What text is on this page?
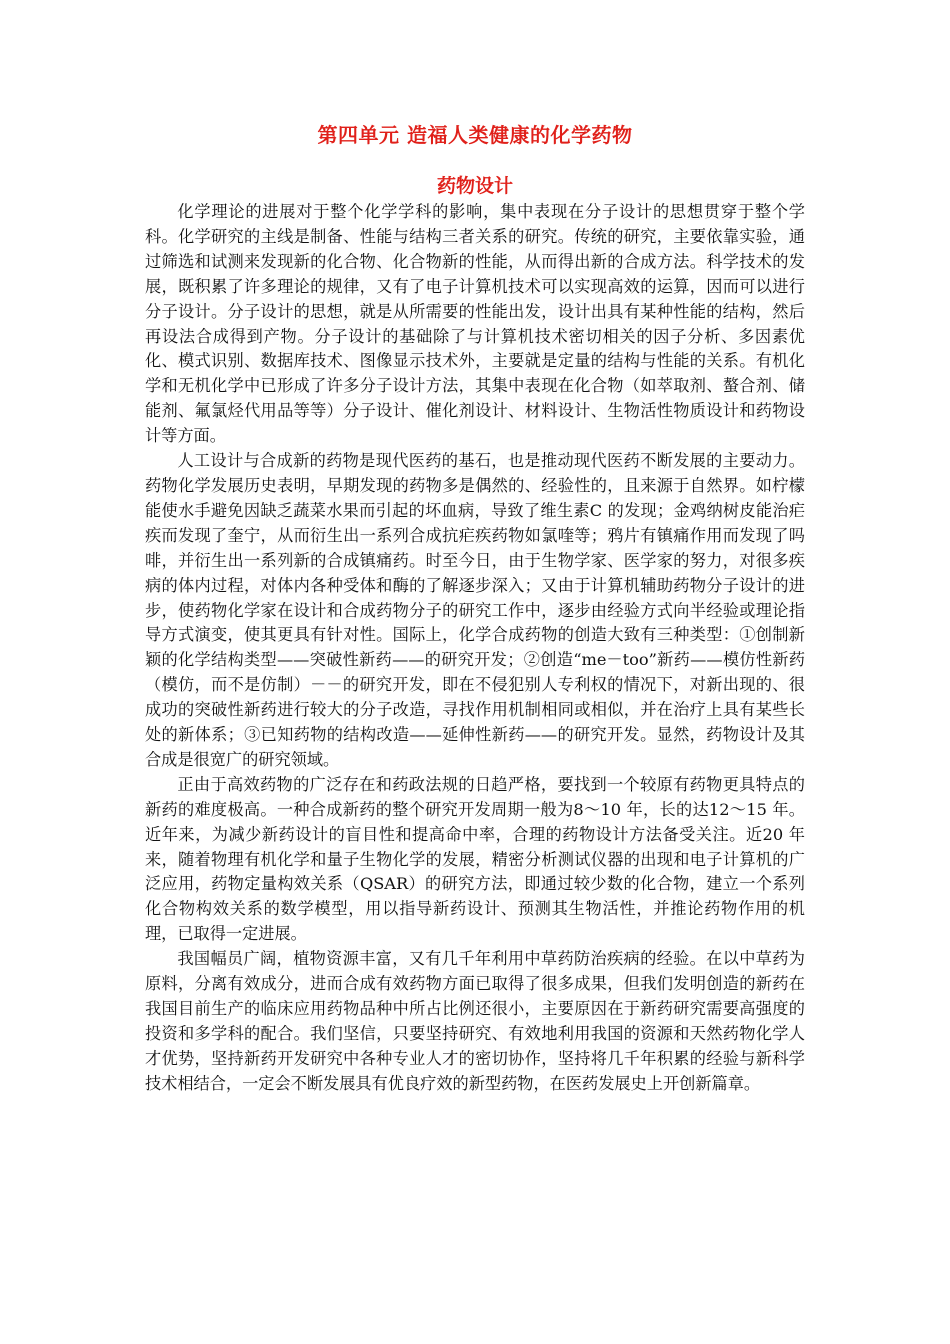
第四单元 造福人类健康的化学药物
药物设计

化学理论的进展对于整个化学学科的影响，集中表现在分子设计的思想贯穿于整个学科。化学研究的主线是制备、性能与结构三者关系的研究。传统的研究，主要依靠实验，通过筛选和试测来发现新的化合物、化合物新的性能，从而得出新的合成方法。科学技术的发展，既积累了许多理论的规律，又有了电子计算机技术可以实现高效的运算，因而可以进行分子设计。分子设计的思想，就是从所需要的性能出发，设计出具有某种性能的结构，然后再设法合成得到产物。分子设计的基础除了与计算机技术密切相关的因子分析、多因素优化、模式识别、数据库技术、图像显示技术外，主要就是定量的结构与性能的关系。有机化学和无机化学中已形成了许多分子设计方法，其集中表现在化合物（如萃取剂、螯合剂、储能剂、氟氯烃代用品等等）分子设计、催化剂设计、材料设计、生物活性物质设计和药物设计等方面。

人工设计与合成新的药物是现代医药的基石，也是推动现代医药不断发展的主要动力。药物化学发展历史表明，早期发现的药物多是偶然的、经验性的，且来源于自然界。如柠檬能使水手避免因缺乏蔬菜水果而引起的坏血病，导致了维生素C 的发现；金鸡纳树皮能治疟疾而发现了奎宁，从而衍生出一系列合成抗疟疾药物如氯喹等；鸦片有镇痛作用而发现了吗啡，并衍生出一系列新的合成镇痛药。时至今日，由于生物学家、医学家的努力，对很多疾病的体内过程，对体内各种受体和酶的了解逐步深入；又由于计算机辅助药物分子设计的进步，使药物化学家在设计和合成药物分子的研究工作中，逐步由经验方式向半经验或理论指导方式演变，使其更具有针对性。国际上，化学合成药物的创造大致有三种类型：①创制新颖的化学结构类型——突破性新药——的研究开发；②创造“me－too”新药——模仿性新药（模仿，而不是仿制）－－的研究开发，即在不侵犯别人专利权的情况下，对新出现的、很成功的突破性新药进行较大的分子改造，寻找作用机制相同或相似，并在治疗上具有某些长处的新体系；③已知药物的结构改造——延伸性新药——的研究开发。显然，药物设计及其合成是很宽广的研究领域。

正由于高效药物的广泛存在和药政法规的日趋严格，要找到一个较原有药物更具特点的新药的难度极高。一种合成新药的整个研究开发周期一般为8～10 年，长的达12～15 年。近年来，为减少新药设计的盲目性和提高命中率，合理的药物设计方法备受关注。近20 年来，随着物理有机化学和量子生物化学的发展，精密分析测试仪器的出现和电子计算机的广泛应用，药物定量构效关系（QSAR）的研究方法，即通过较少数的化合物，建立一个系列化合物构效关系的数学模型，用以指导新药设计、预测其生物活性，并推论药物作用的机理，已取得一定进展。

我国幅员广阔，植物资源丰富，又有几千年利用中草药防治疾病的经验。在以中草药为原料，分离有效成分，进而合成有效药物方面已取得了很多成果，但我们发明创造的新药在我国目前生产的临床应用药物品种中所占比例还很小，主要原因在于新药研究需要高强度的投资和多学科的配合。我们坚信，只要坚持研究、有效地利用我国的资源和天然药物化学人才优势，坚持新药开发研究中各种专业人才的密切协作，坚持将几千年积累的经验与新科学技术相结合，一定会不断发展具有优良疗效的新型药物，在医药发展史上开创新篇章。
